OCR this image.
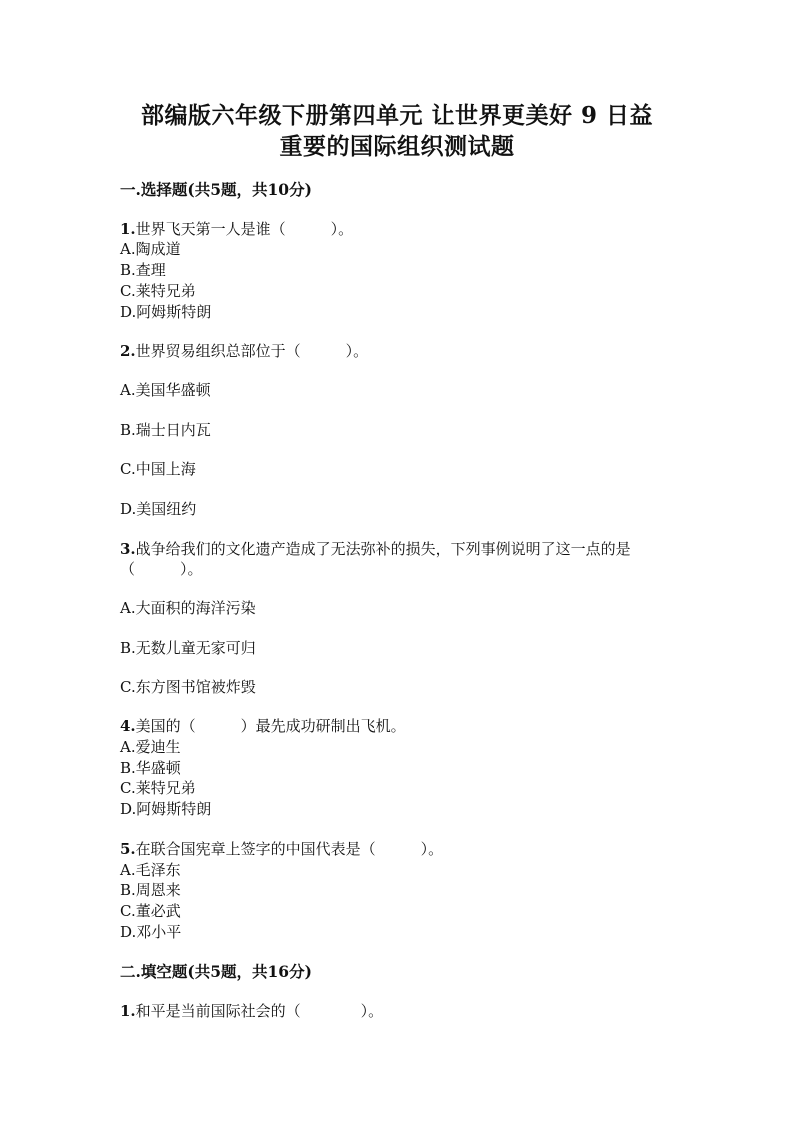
部编版六年级下册第四单元 让世界更美好 9 日益
重要的国际组织测试题
一.选择题(共5题，共10分)
1.世界飞天第一人是谁（　　　）。
A.陶成道
B.查理
C.莱特兄弟
D.阿姆斯特朗
2.世界贸易组织总部位于（　　　）。
A.美国华盛顿
B.瑞士日内瓦
C.中国上海
D.美国纽约
3.战争给我们的文化遗产造成了无法弥补的损失，下列事例说明了这一点的是
（　　　）。
A.大面积的海洋污染
B.无数儿童无家可归
C.东方图书馆被炸毁
4.美国的（　　　）最先成功研制出飞机。
A.爱迪生
B.华盛顿
C.莱特兄弟
D.阿姆斯特朗
5.在联合国宪章上签字的中国代表是（　　　）。
A.毛泽东
B.周恩来
C.董必武
D.邓小平
二.填空题(共5题，共16分)
1.和平是当前国际社会的（　　　　）。
